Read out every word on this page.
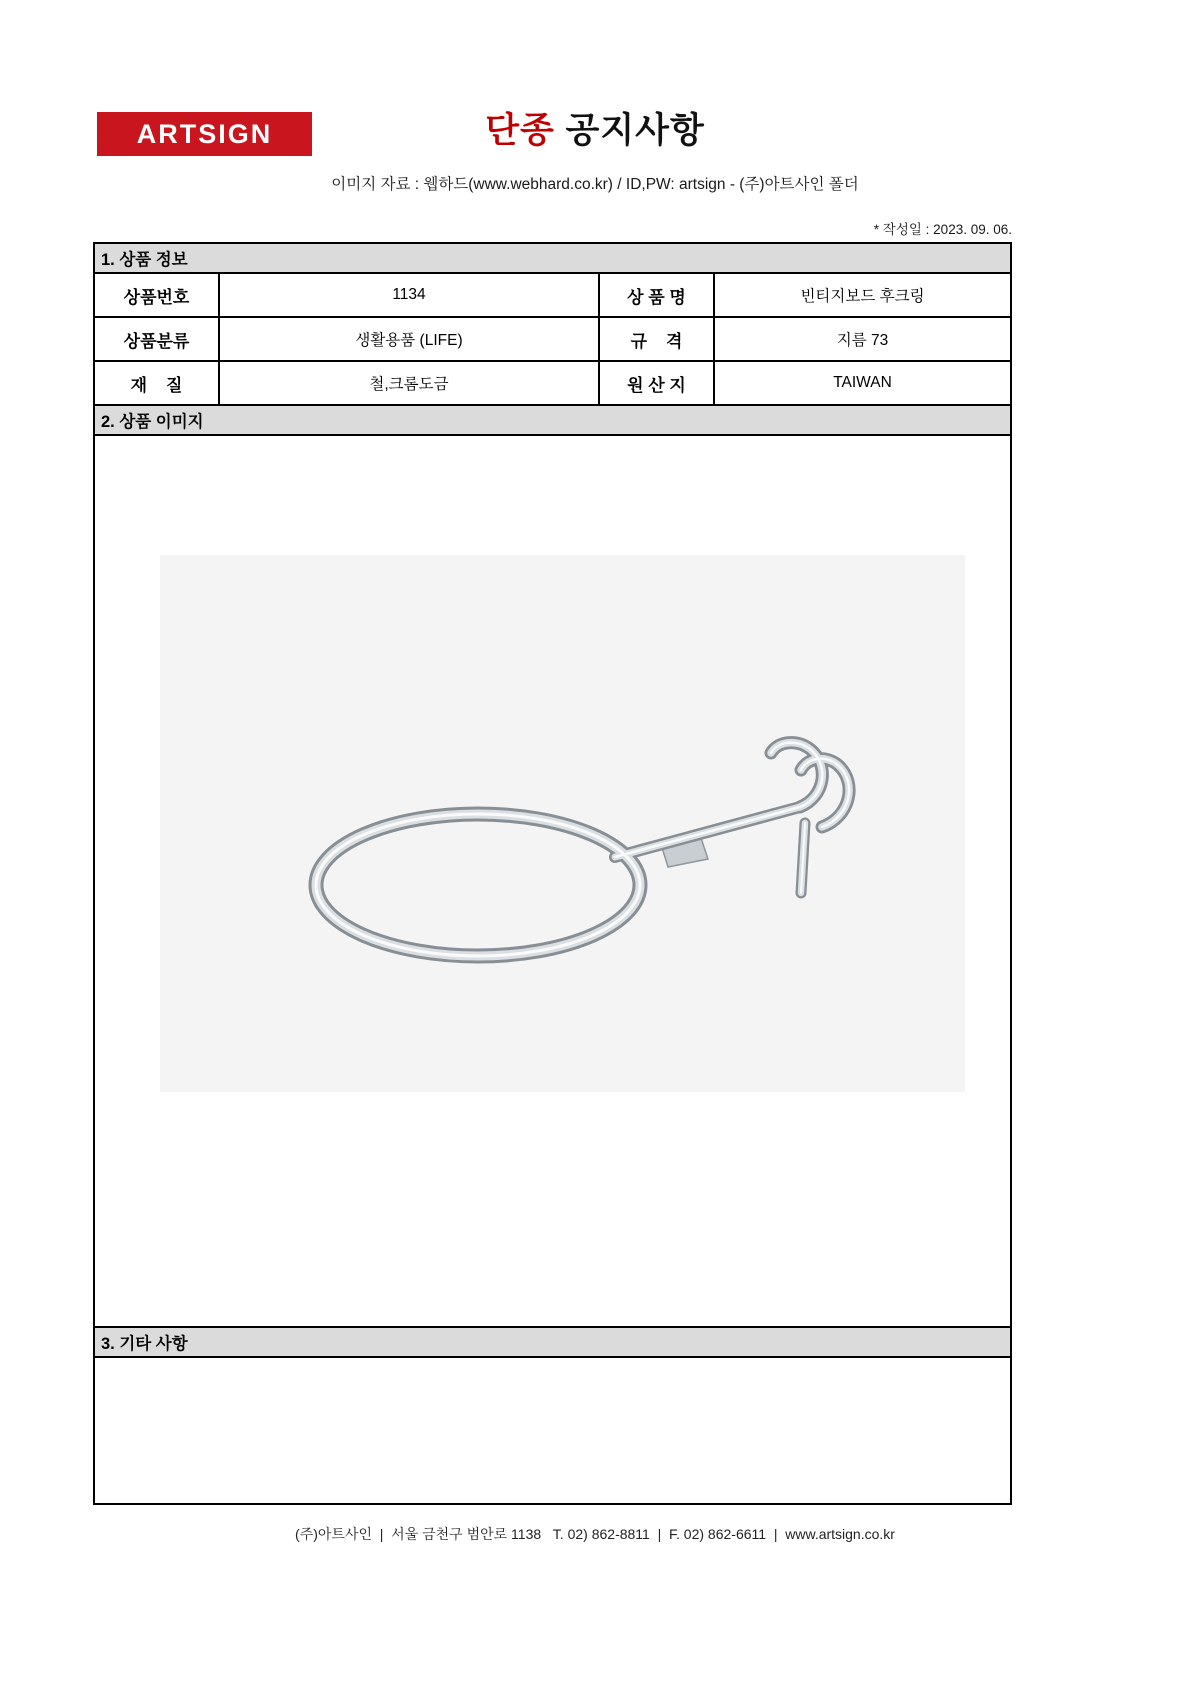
ARTSIGN	단종 공지사항
이미지 자료 : 웹하드(www.webhard.co.kr) / ID,PW: artsign - (주)아트사인 폴더
* 작성일 : 2023. 09. 06.
1. 상품 정보
상품번호	1134	상 품 명	빈티지보드 후크링
상품분류	생활용품 (LIFE)	규    격	지름 73
재    질	철,크롬도금	원 산 지	TAIWAN
2. 상품 이미지
3. 기타 사항
(주)아트사인  |  서울 금천구 범안로 1138   T. 02) 862-8811  |  F. 02) 862-6611  |  www.artsign.co.kr
